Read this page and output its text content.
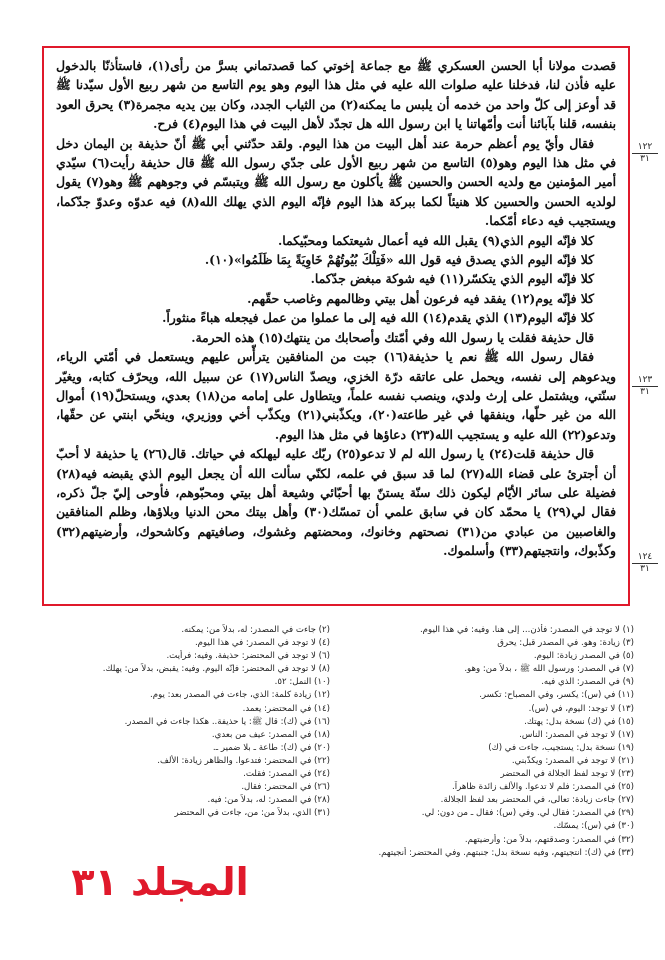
قصدت مولانا أبا الحسن العسكري ﷺ مع جماعة إخوتي كما قصدتماني بسرَّ من رأى(١)، فاستأذنّا بالدخول عليه فأذن لنا، فدخلنا عليه صلوات الله عليه في مثل هذا اليوم وهو يوم التاسع من شهر ربيع الأول سيّدنا ﷺ قد أوعز إلى كلّ واحد من خدمه أن يلبس ما يمكنه(٢) من الثياب الجدد، وكان بين يديه مجمرة(٣) يحرق العود بنفسه، قلنا بآبائنا أنت وأمّهاتنا يا ابن رسول الله هل تجدّد لأهل البيت في هذا اليوم(٤) فرح.

فقال وأيّ يوم أعظم حرمة عند أهل البيت من هذا اليوم. ولقد حدّثني أبي ﷺ أنّ حذيفة بن اليمان دخل في مثل هذا اليوم وهو(٥) التاسع من شهر ربيع الأول على جدّي رسول الله ﷺ قال حذيفة رأيت(٦) سيّدي أمير المؤمنين مع ولديه الحسن والحسين ﷺ يأكلون مع رسول الله ﷺ ويتبسّم في وجوههم ﷺ وهو(٧) يقول لولديه الحسن والحسين كلا هنيئاً لكما ببركة هذا اليوم فإنّه اليوم الذي يهلك الله(٨) فيه عدوّه وعدوّ جدّكما، ويستجيب فيه دعاء أمّكما.

كلا فإنّه اليوم الذي(٩) يقبل الله فيه أعمال شيعتكما ومحبّيكما.

كلا فإنّه اليوم الذي يصدق فيه قول الله «فَتِلْكَ بُيُوتُهُمْ خَاوِيَةً بِمَا ظَلَمُوا»(١٠).

كلا فإنّه اليوم الذي يتكسّر(١١) فيه شوكة مبغض جدّكما.

كلا فإنّه يوم(١٢) يفقد فيه فرعون أهل بيتي وظالمهم وغاصب حقّهم.

كلا فإنّه اليوم(١٣) الذي يقدم(١٤) الله فيه إلى ما عملوا من عمل فيجعله هباءً منثوراً.

قال حذيفة فقلت يا رسول الله وفي أمّتك وأصحابك من ينتهك(١٥) هذه الحرمة.

فقال رسول الله ﷺ نعم يا حذيفة(١٦) جبت من المنافقين يترأّس عليهم ويستعمل في أمّتي الرياء، ويدعوهم إلى نفسه، ويحمل على عاتقه درّة الخزي، ويصدّ الناس(١٧) عن سبيل الله، ويحرّف كتابه، ويغيّر سنّتي، ويشتمل على إرث ولدي، وينصب نفسه علماً، ويتطاول على إمامه من(١٨) بعدي، ويستحلّ(١٩) أموال الله من غير حلّها، وينفقها في غير طاعته(٢٠)، ويكذّبني(٢١) ويكذّب أخي ووزيري، وينحّي ابنتي عن حقّها، وتدعو(٢٢) الله عليه و يستجيب الله(٢٣) دعاؤها في مثل هذا اليوم.

قال حذيفة قلت(٢٤) يا رسول الله لم لا تدعو(٢٥) ربّك عليه ليهلكه في حياتك. قال(٢٦) يا حذيفة لا أحبّ أن أجترئ على قضاء الله(٢٧) لما قد سبق في علمه، لكنّي سألت الله أن يجعل اليوم الذي يقبضه فيه(٢٨) فضيلة على سائر الأيّام ليكون ذلك سنّة يستنّ بها أحبّائي وشيعة أهل بيتي ومحبّوهم، فأوحى إليّ جلّ ذكره، فقال لي(٢٩) يا محمّد كان في سابق علمي أن تمسّك(٣٠) وأهل بيتك محن الدنيا وبلاؤها، وظلم المنافقين والغاصبين من عبادي من(٣١) نصحتهم وخانوك، ومحضتهم وغشوك، وصافيتهم وكاشحوك، وأرضيتهم(٣٢) وكذّبوك، وانتجيتهم(٣٣) وأسلموك.

١٢٢
٣١
١٢٣
٣١
١٢٤
٣١
(١) لا توجد في المصدر: فأذن... إلى هنا. وفيه: في هذا اليوم.
(٣) زيادة: وهو. في المصدر قبل: يحرق
(٥) في المصدر زيادة: اليوم.
(٧) في المصدر: ورسول الله ﷺ ، بدلاً من: وهو.
(٩) في المصدر: الذي فيه.
(١١) في (س): يكسر، وفي المصباح: تكسر.
(١٣) لا توجد: اليوم، في (س).
(١٥) في (ك) نسخة بدل: يهتك.
(١٧) لا توجد في المصدر: الناس.
(١٩) نسخة بدل: يستجيب، جاءت في (ك)
(٢١) لا توجد في المصدر: ويكذّبني.
(٢٣) لا توجد لفظ الجلالة في المحتضر
(٢٥) في المصدر: فلم لا تدعوا. والألف زائدة ظاهراً.
(٢٧) جاءت زيادة: تعالى، في المحتضر بعد لفظ الجلالة.
(٢٩) في المصدر: فقال لي. وفي (س): فقال ـ من دون: لي.
(٣٠) في (س): يمسّك.
(٣٢) في المصدر: وصدقتهم، بدلاً من: وأرضيتهم.
(٣٣) في (ك): انتجيتهم، وفيه نسخة بدل: جنبتهم. وفي المحتضر: أنجيتهم.
(٢) جاءت في المصدر: له، بدلاً من: يمكنه.
(٤) لا توجد في المصدر: في هذا اليوم.
(٦) لا توجد في المحتضر: حذيفة. وفيه: فرأيت.
(٨) لا توجد في المحتضر: فإنّه اليوم. وفيه: يقبض، بدلاً من: يهلك.
(١٠) النمل: ٥٢.
(١٢) زيادة كلمة: الذي، جاءت في المصدر بعد: يوم.
(١٤) في المحتضر: يعمد.
(١٦) في (ك): قال ﷺ: يا حذيفة.. هكذا جاءت في المصدر.
(١٨) في المصدر: عيف من بعدي.
(٢٠) في (ك): طاعة ـ بلا ضمير ـ.
(٢٢) في المحتضر: فتدعوا. والظاهر زيادة: الألف.
(٢٤) في المصدر: فقلت.
(٢٦) في المحتضر: فقال.
(٢٨) في المصدر: له، بدلاً من: فيه.
(٣١) الذي، بدلاً من: من، جاءت في المحتضر
المجلد ٣١
